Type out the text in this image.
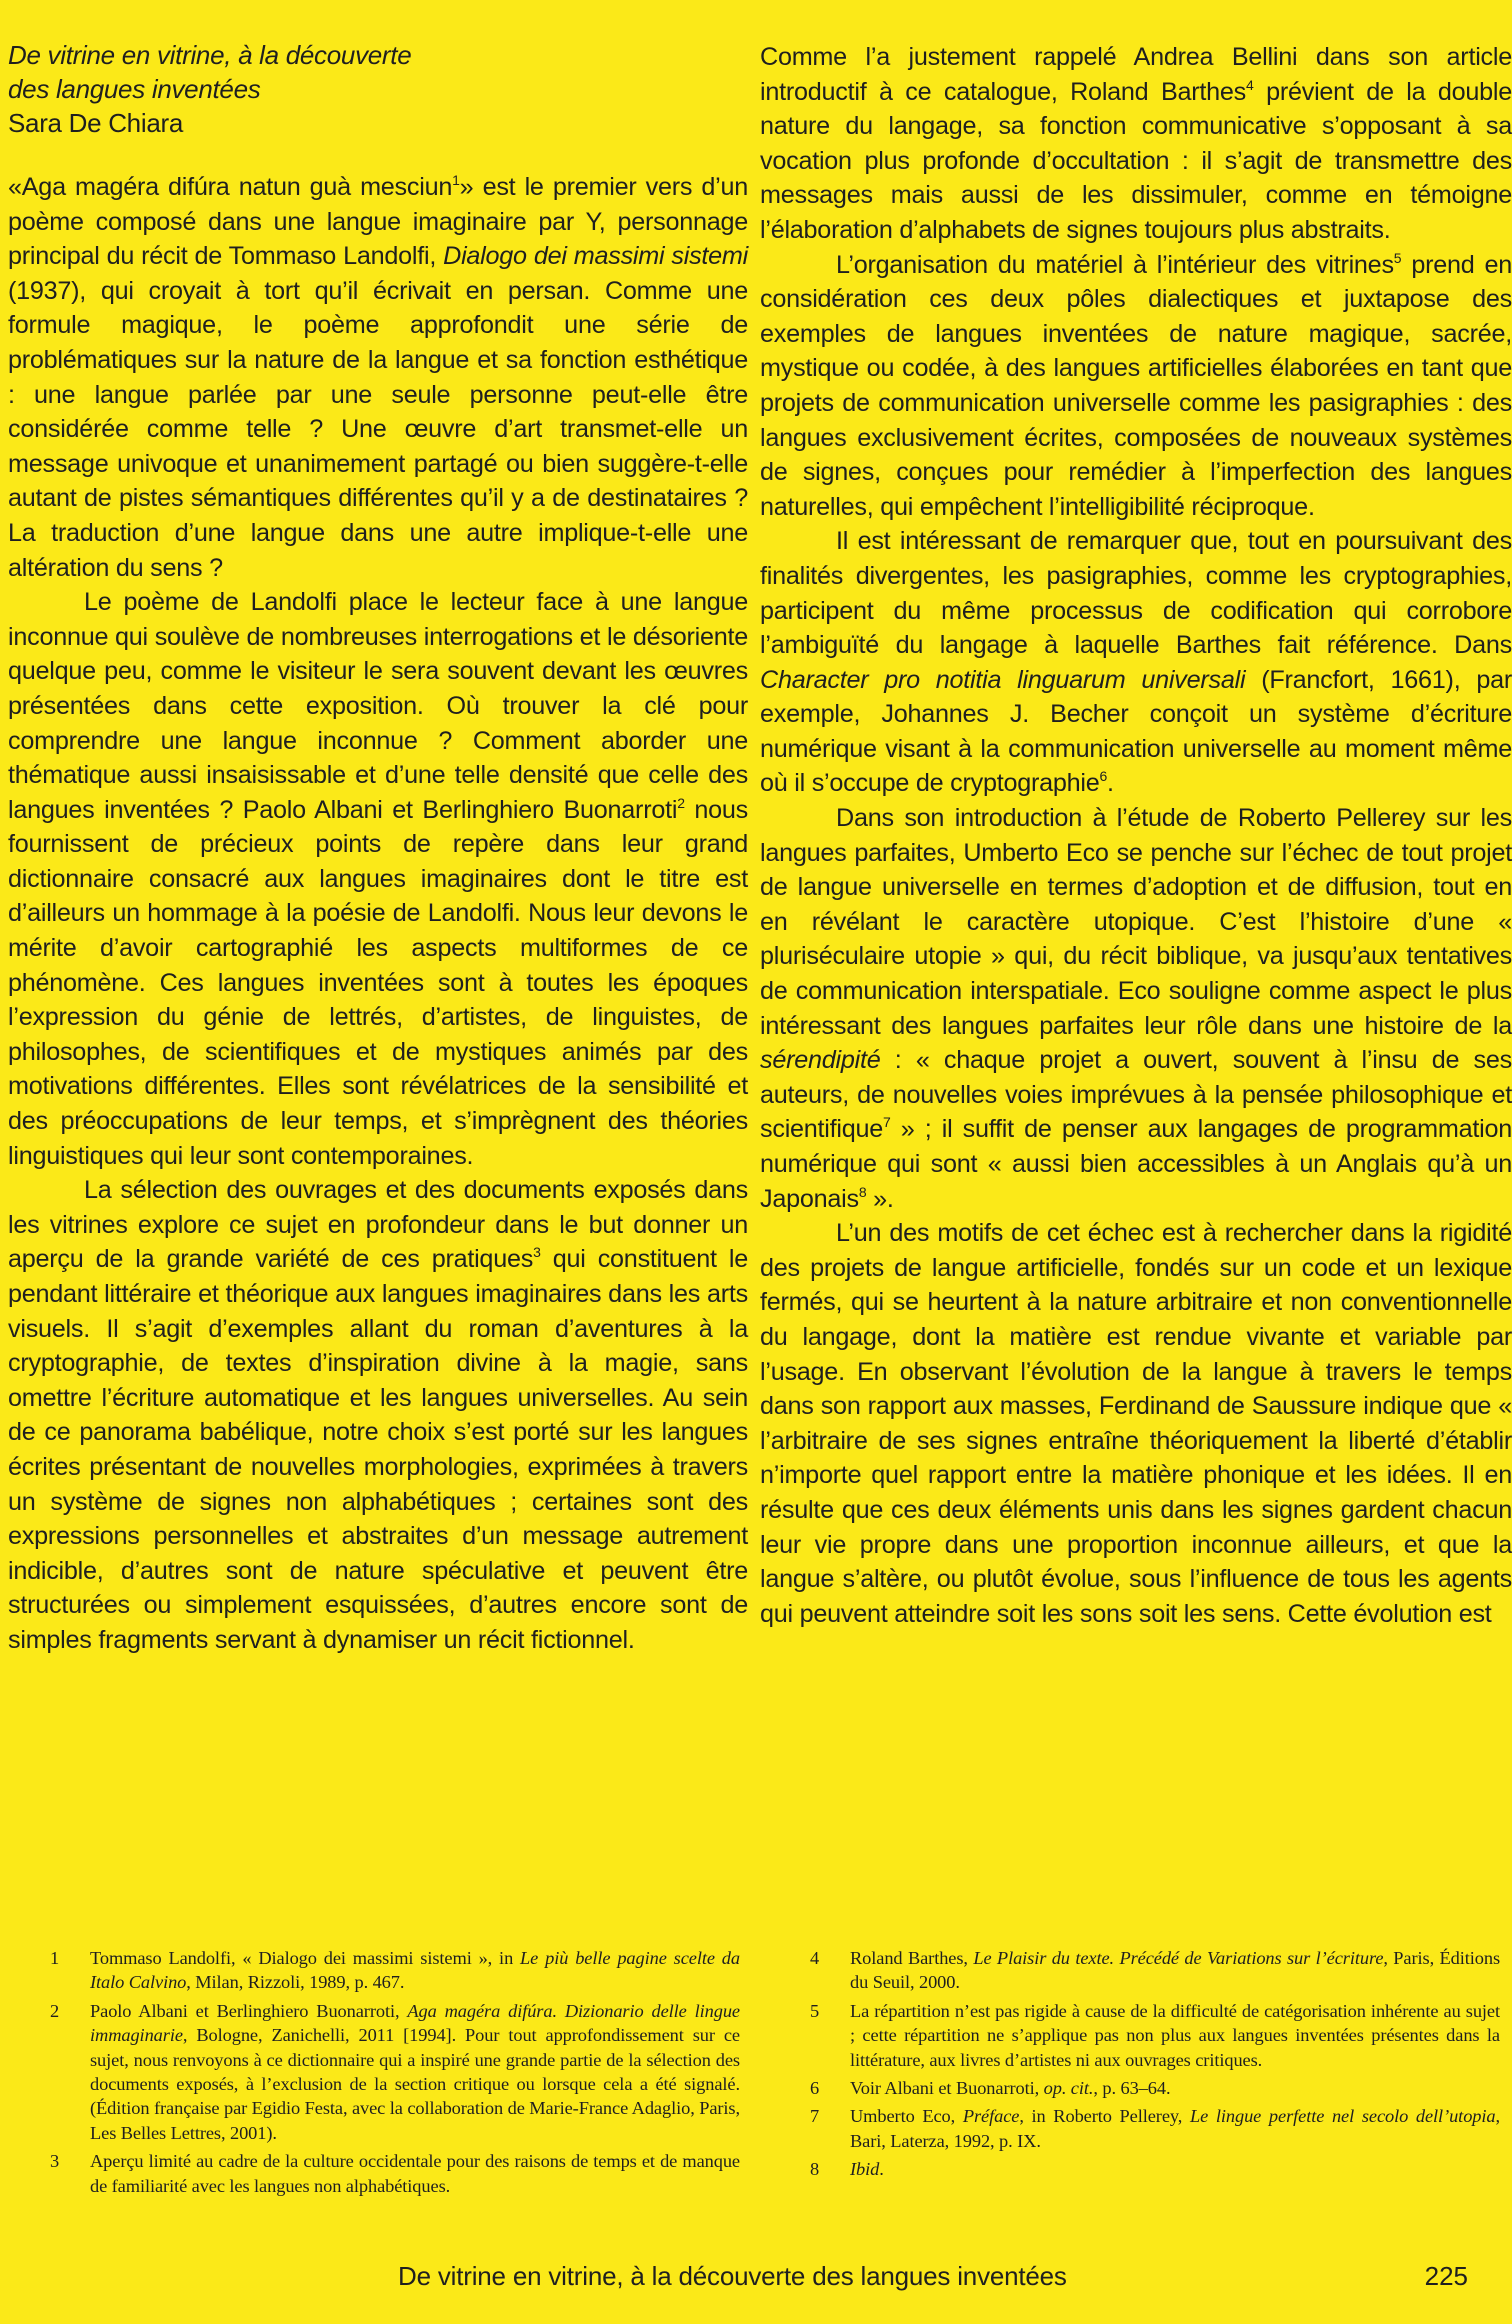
De vitrine en vitrine, à la découverte
des langues inventées
Sara De Chiara

«Aga magéra difúra natun guà mesciun$^1$» est le premier vers d’un poème composé dans une langue imaginaire par Y, personnage principal du récit de Tommaso Landolfi, Dialogo dei massimi sistemi (1937), qui croyait à tort qu’il écrivait en persan. Comme une formule magique, le poème approfondit une série de problématiques sur la nature de la langue et sa fonction esthétique : une langue parlée par une seule personne peut-elle être considérée comme telle ? Une œuvre d’art transmet-elle un message univoque et unanimement partagé ou bien suggère-t-elle autant de pistes sémantiques différentes qu’il y a de destinataires ? La traduction d’une langue dans une autre implique-t-elle une altération du sens ?

Le poème de Landolfi place le lecteur face à une langue inconnue qui soulève de nombreuses interrogations et le désoriente quelque peu, comme le visiteur le sera souvent devant les œuvres présentées dans cette exposition. Où trouver la clé pour comprendre une langue inconnue ? Comment aborder une thématique aussi insaisissable et d’une telle densité que celle des langues inventées ? Paolo Albani et Berlinghiero Buonarroti$^2$ nous fournissent de précieux points de repère dans leur grand dictionnaire consacré aux langues imaginaires dont le titre est d’ailleurs un hommage à la poésie de Landolfi. Nous leur devons le mérite d’avoir cartographié les aspects multiformes de ce phénomène. Ces langues inventées sont à toutes les époques l’expression du génie de lettrés, d’artistes, de linguistes, de philosophes, de scientifiques et de mystiques animés par des motivations différentes. Elles sont révélatrices de la sensibilité et des préoccupations de leur temps, et s’imprègnent des théories linguistiques qui leur sont contemporaines.

La sélection des ouvrages et des documents exposés dans les vitrines explore ce sujet en profondeur dans le but donner un aperçu de la grande variété de ces pratiques$^3$ qui constituent le pendant littéraire et théorique aux langues imaginaires dans les arts visuels. Il s’agit d’exemples allant du roman d’aventures à la cryptographie, de textes d’inspiration divine à la magie, sans omettre l’écriture automatique et les langues universelles. Au sein de ce panorama babélique, notre choix s’est porté sur les langues écrites présentant de nouvelles morphologies, exprimées à travers un système de signes non alphabétiques ; certaines sont des expressions personnelles et abstraites d’un message autrement indicible, d’autres sont de nature spéculative et peuvent être structurées ou simplement esquissées, d’autres encore sont de simples fragments servant à dynamiser un récit fictionnel.

Comme l’a justement rappelé Andrea Bellini dans son article introductif à ce catalogue, Roland Barthes$^4$ prévient de la double nature du langage, sa fonction communicative s’opposant à sa vocation plus profonde d’occultation : il s’agit de transmettre des messages mais aussi de les dissimuler, comme en témoigne l’élaboration d’alphabets de signes toujours plus abstraits.

L’organisation du matériel à l’intérieur des vitrines$^5$ prend en considération ces deux pôles dialectiques et juxtapose des exemples de langues inventées de nature magique, sacrée, mystique ou codée, à des langues artificielles élaborées en tant que projets de communication universelle comme les pasigraphies : des langues exclusivement écrites, composées de nouveaux systèmes de signes, conçues pour remédier à l’imperfection des langues naturelles, qui empêchent l’intelligibilité réciproque.

Il est intéressant de remarquer que, tout en poursuivant des finalités divergentes, les pasigraphies, comme les cryptographies, participent du même processus de codification qui corrobore l’ambiguïté du langage à laquelle Barthes fait référence. Dans Character pro notitia linguarum universali (Francfort, 1661), par exemple, Johannes J. Becher conçoit un système d’écriture numérique visant à la communication universelle au moment même où il s’occupe de cryptographie$^6$.

Dans son introduction à l’étude de Roberto Pellerey sur les langues parfaites, Umberto Eco se penche sur l’échec de tout projet de langue universelle en termes d’adoption et de diffusion, tout en en révélant le caractère utopique. C’est l’histoire d’une « pluriséculaire utopie » qui, du récit biblique, va jusqu’aux tentatives de communication interspatiale. Eco souligne comme aspect le plus intéressant des langues parfaites leur rôle dans une histoire de la sérendipité : « chaque projet a ouvert, souvent à l’insu de ses auteurs, de nouvelles voies imprévues à la pensée philosophique et scientifique$^7$ » ; il suffit de penser aux langages de programmation numérique qui sont « aussi bien accessibles à un Anglais qu’à un Japonais$^8$ ».

L’un des motifs de cet échec est à rechercher dans la rigidité des projets de langue artificielle, fondés sur un code et un lexique fermés, qui se heurtent à la nature arbitraire et non conventionnelle du langage, dont la matière est rendue vivante et variable par l’usage. En observant l’évolution de la langue à travers le temps dans son rapport aux masses, Ferdinand de Saussure indique que « l’arbitraire de ses signes entraîne théoriquement la liberté d’établir n’importe quel rapport entre la matière phonique et les idées. Il en résulte que ces deux éléments unis dans les signes gardent chacun leur vie propre dans une proportion inconnue ailleurs, et que la langue s’altère, ou plutôt évolue, sous l’influence de tous les agents qui peuvent atteindre soit les sons soit les sens. Cette évolution est

1 Tommaso Landolfi, « Dialogo dei massimi sistemi », in Le più belle pagine scelte da Italo Calvino, Milan, Rizzoli, 1989, p. 467.
2 Paolo Albani et Berlinghiero Buonarroti, Aga magéra difúra. Dizionario delle lingue immaginarie, Bologne, Zanichelli, 2011 [1994]. Pour tout approfondissement sur ce sujet, nous renvoyons à ce dictionnaire qui a inspiré une grande partie de la sélection des documents exposés, à l’exclusion de la section critique ou lorsque cela a été signalé. (Édition française par Egidio Festa, avec la collaboration de Marie-France Adaglio, Paris, Les Belles Lettres, 2001).
3 Aperçu limité au cadre de la culture occidentale pour des raisons de temps et de manque de familiarité avec les langues non alphabétiques.
4 Roland Barthes, Le Plaisir du texte. Précédé de Variations sur l’écriture, Paris, Éditions du Seuil, 2000.
5 La répartition n’est pas rigide à cause de la difficulté de catégorisation inhérente au sujet ; cette répartition ne s’applique pas non plus aux langues inventées présentes dans la littérature, aux livres d’artistes ni aux ouvrages critiques.
6 Voir Albani et Buonarroti, op. cit., p. 63–64.
7 Umberto Eco, Préface, in Roberto Pellerey, Le lingue perfette nel secolo dell’utopia, Bari, Laterza, 1992, p. IX.
8 Ibid.
De vitrine en vitrine, à la découverte des langues inventées	225
